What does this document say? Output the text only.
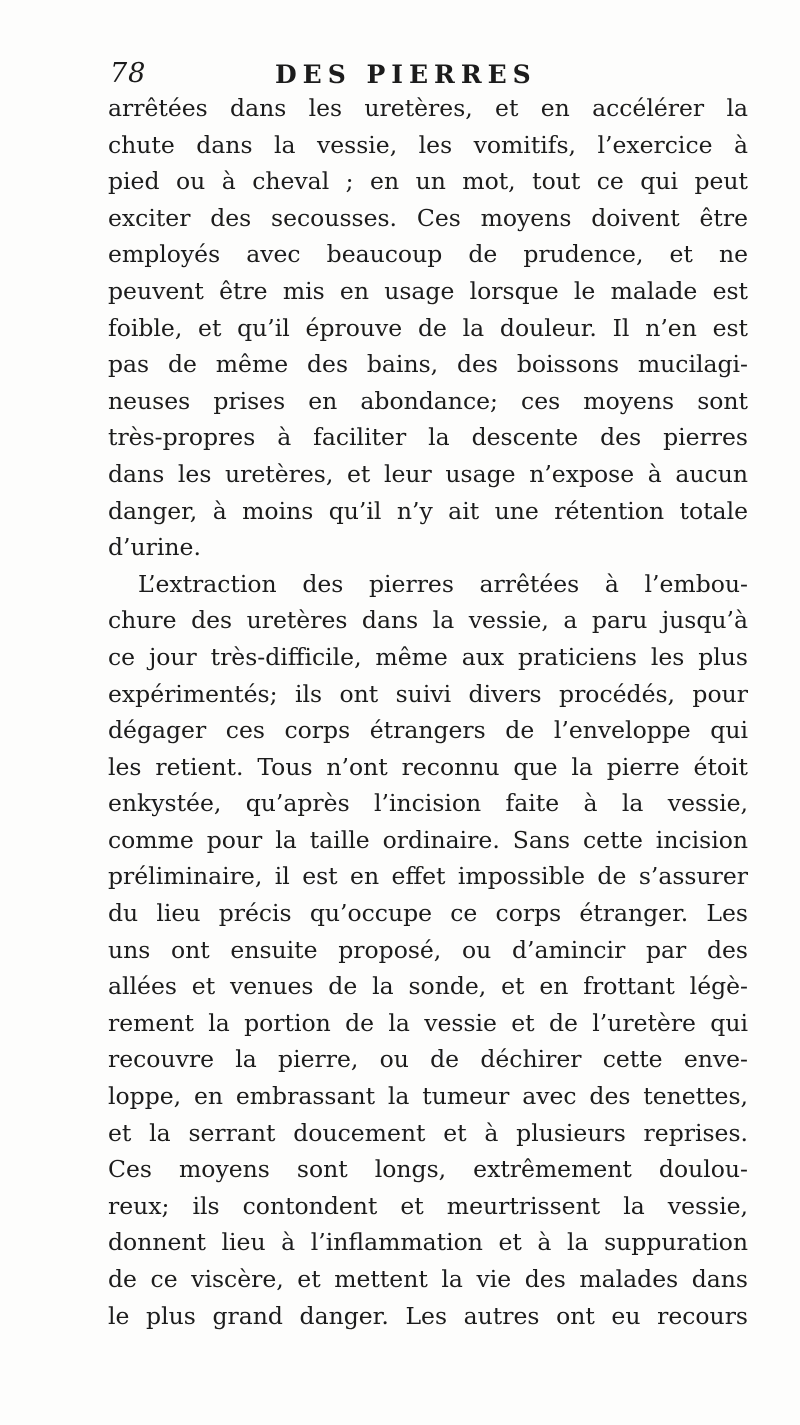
78	DES PIERRES
arrêtées dans les uretères, et en accélérer la
chute dans la vessie, les vomitifs, l’exercice à
pied ou à cheval ; en un mot, tout ce qui peut
exciter des secousses. Ces moyens doivent être
employés avec beaucoup de prudence, et ne
peuvent être mis en usage lorsque le malade est
foible, et qu’il éprouve de la douleur. Il n’en est
pas de même des bains, des boissons mucilagi-
neuses prises en abondance; ces moyens sont
très-propres à faciliter la descente des pierres
dans les uretères, et leur usage n’expose à aucun
danger, à moins qu’il n’y ait une rétention totale
d’urine.
L’extraction des pierres arrêtées à l’embou-
chure des uretères dans la vessie, a paru jusqu’à
ce jour très-difficile, même aux praticiens les plus
expérimentés; ils ont suivi divers procédés, pour
dégager ces corps étrangers de l’enveloppe qui
les retient. Tous n’ont reconnu que la pierre étoit
enkystée, qu’après l’incision faite à la vessie,
comme pour la taille ordinaire. Sans cette incision
préliminaire, il est en effet impossible de s’assurer
du lieu précis qu’occupe ce corps étranger. Les
uns ont ensuite proposé, ou d’amincir par des
allées et venues de la sonde, et en frottant légè-
rement la portion de la vessie et de l’uretère qui
recouvre la pierre, ou de déchirer cette enve-
loppe, en embrassant la tumeur avec des tenettes,
et la serrant doucement et à plusieurs reprises.
Ces moyens sont longs, extrêmement doulou-
reux; ils contondent et meurtrissent la vessie,
donnent lieu à l’inflammation et à la suppuration
de ce viscère, et mettent la vie des malades dans
le plus grand danger. Les autres ont eu recours
